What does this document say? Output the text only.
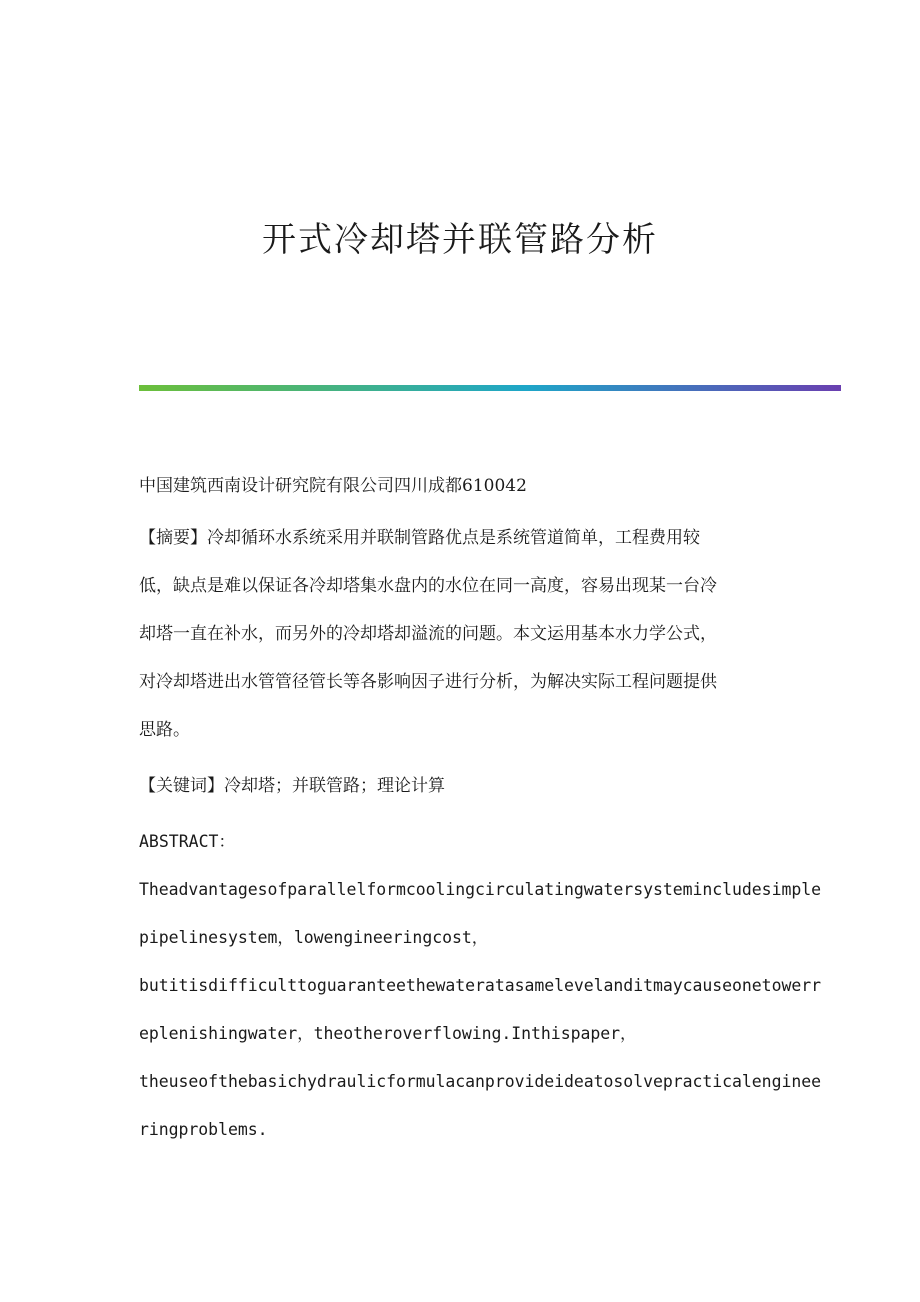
开式冷却塔并联管路分析
中国建筑西南设计研究院有限公司四川成都610042
【摘要】冷却循环水系统采用并联制管路优点是系统管道简单，工程费用较
低，缺点是难以保证各冷却塔集水盘内的水位在同一高度，容易出现某一台冷
却塔一直在补水，而另外的冷却塔却溢流的问题。本文运用基本水力学公式，
对冷却塔进出水管管径管长等各影响因子进行分析，为解决实际工程问题提供
思路。
【关键词】冷却塔；并联管路；理论计算
ABSTRACT：
Theadvantagesofparallelformcoolingcirculatingwatersystemincludesimple
pipelinesystem，lowengineeringcost，
butitisdifficulttoguaranteethewateratasamelevelanditmaycauseonetowerr
eplenishingwater，theotheroverflowing.Inthispaper，
theuseofthebasichydraulicformulacanprovideideatosolvepracticalenginee
ringproblems.
